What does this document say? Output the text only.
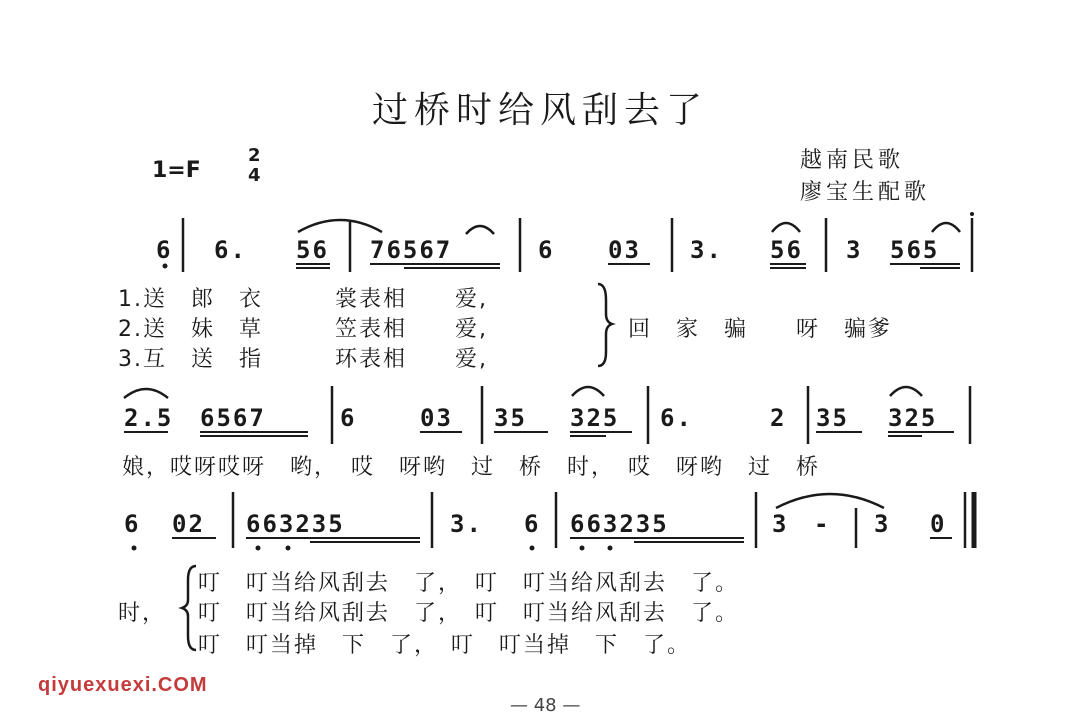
过桥时给风刮去了
1=F
2
4
越南民歌
廖宝生配歌
6 6. 56 76567	6 03 3. 56 3 565
1.送　郎　衣　　　裳表相　　爱,
2.送　妹　草　　　笠表相　　爱,
3.互　送　指　　　环表相　　爱,
回　家　骗　　呀　骗爹
2.5 6567	6	03 35 325 6.	2 35 325
娘，哎呀哎呀　哟，　哎　呀哟　过　桥　时，　哎　呀哟　过　桥
6 02 663235	3. 6 663235	3 - 3 0
时，
叮　叮当给风刮去　了，　叮　叮当给风刮去　了。
叮　叮当给风刮去　了，　叮　叮当给风刮去　了。
叮　叮当掉　下　了，　叮　叮当掉　下　了。
qiyuexuexi.COM
— 48 —
